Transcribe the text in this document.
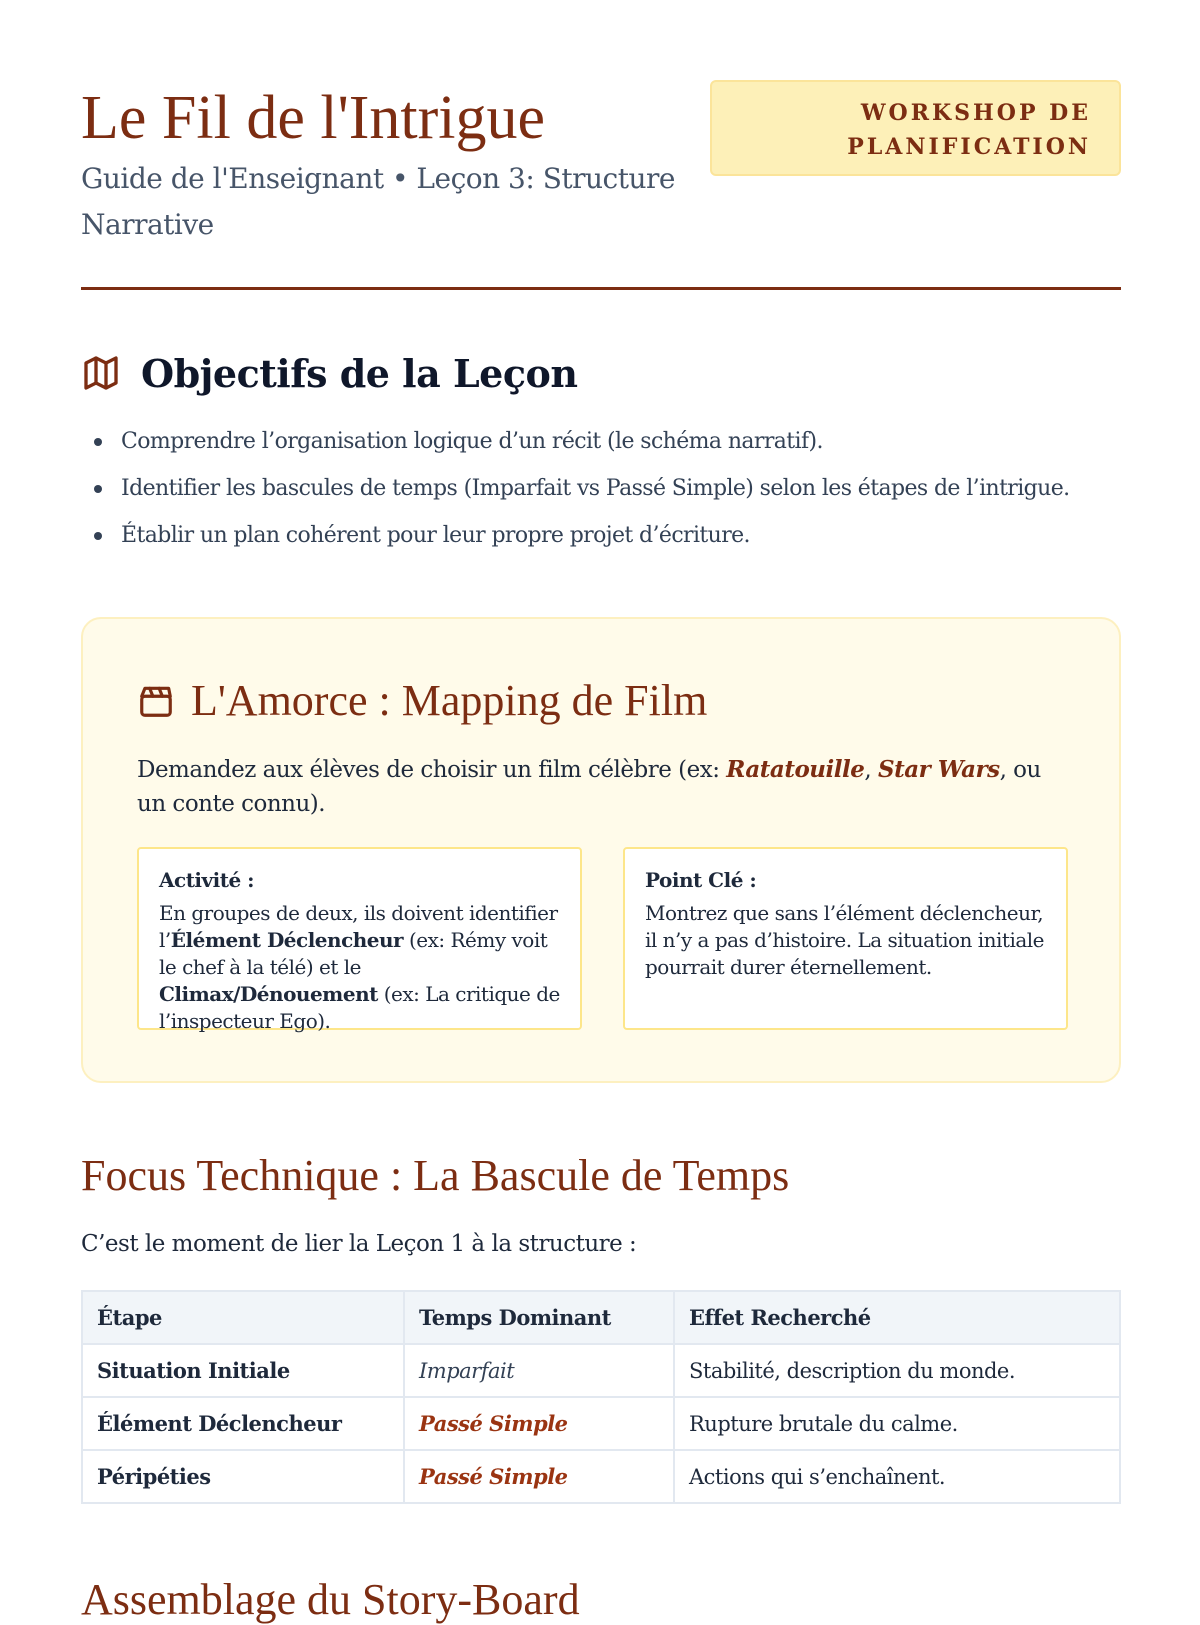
Le Fil de l'Intrigue

Guide de l'Enseignant • Leçon 3: Structure Narrative

WORKSHOP DE
PLANIFICATION
Objectifs de la Leçon
Comprendre l’organisation logique d’un récit (le schéma narratif).
Identifier les bascules de temps (Imparfait vs Passé Simple) selon les étapes de l’intrigue.
Établir un plan cohérent pour leur propre projet d’écriture.
L'Amorce : Mapping de Film

Demandez aux élèves de choisir un film célèbre (ex: Ratatouille, Star Wars, ou un conte connu).

Activité :
En groupes de deux, ils doivent identifier l’Élément Déclencheur (ex: Rémy voit le chef à la télé) et le Climax/Dénouement (ex: La critique de l’inspecteur Ego).
Point Clé :
Montrez que sans l’élément déclencheur, il n’y a pas d’histoire. La situation initiale pourrait durer éternellement.
Focus Technique : La Bascule de Temps

C’est le moment de lier la Leçon 1 à la structure :

Étape	Temps Dominant	Effet Recherché
Situation Initiale	Imparfait	Stabilité, description du monde.
Élément Déclencheur	Passé Simple	Rupture brutale du calme.
Péripéties	Passé Simple	Actions qui s’enchaînent.
Assemblage du Story-Board
